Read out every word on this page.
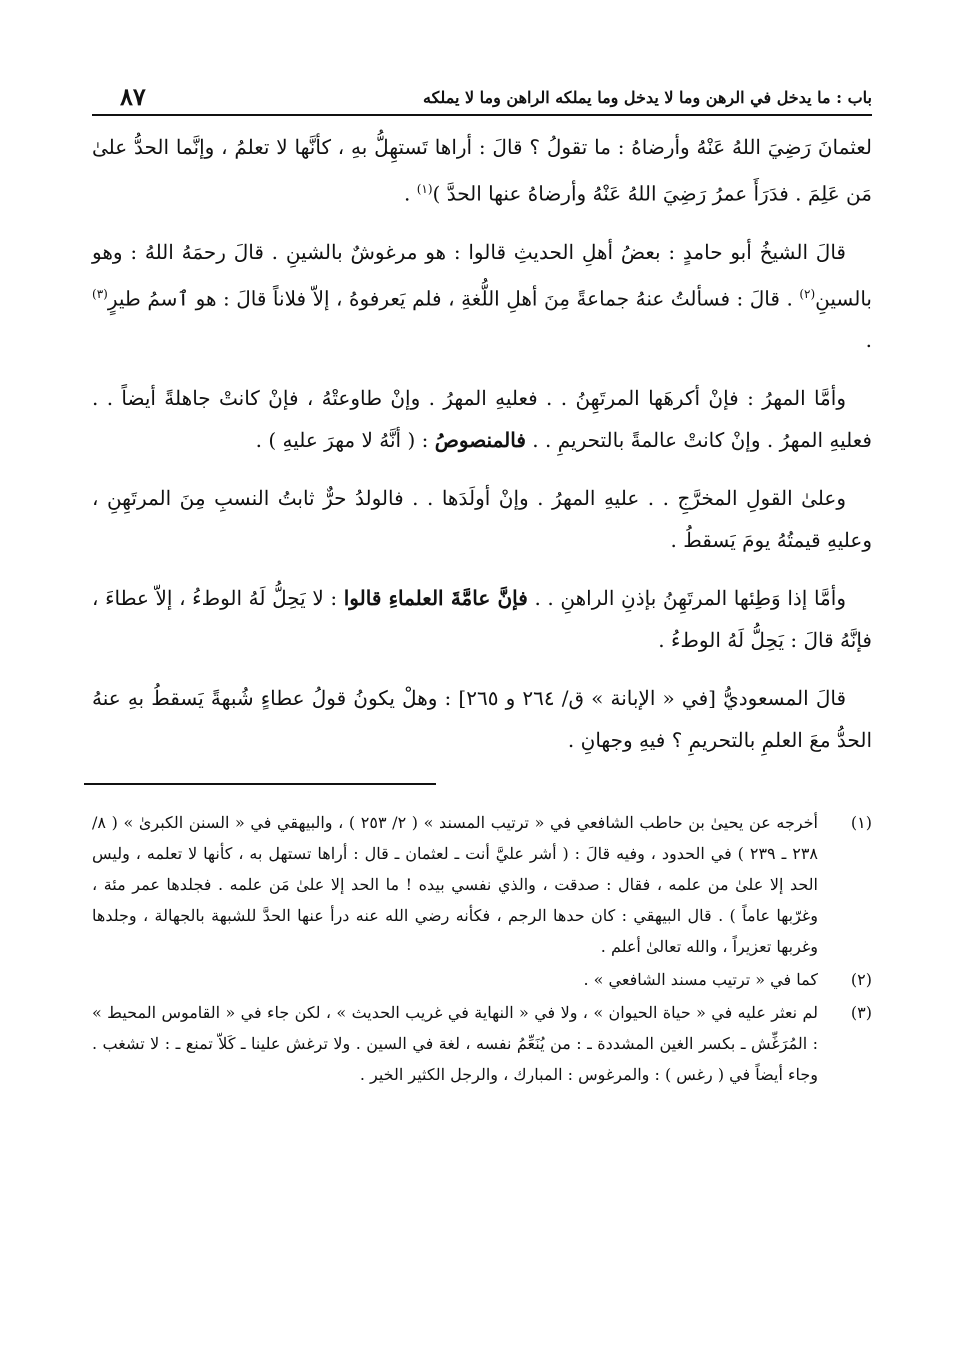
باب : ما يدخل في الرهن وما لا يدخل وما يملكه الراهن وما لا يملكه
٨٧

لعثمانَ رَضِيَ اللهُ عَنْهُ وأرضاهُ : ما تقولُ ؟ قالَ : أراها تَستهِلُّ بهِ ، كأنَّها لا تعلمُ ، وإنَّما الحدُّ علىٰ مَن عَلِمَ . فدَرَأَ عمرُ رَضِيَ اللهُ عَنْهُ وأرضاهُ عنها الحدَّ )$^{(١)}$ .

قالَ الشيخُ أبو حامدٍ : بعضُ أهلِ الحديثِ قالوا : هو مرغوشٌ بالشينِ . قالَ رحمَهُ اللهُ : وهو بالسينِ$^{(٢)}$ . قالَ : فسألتُ عنهُ جماعةً مِنَ أهلِ اللُّغةِ ، فلم يَعرفوهُ ، إلاّ فلاناً قالَ : هو ٱسمُ طيرٍ$^{(٣)}$ .

وأمَّا المهرُ : فإنْ أكرهَها المرتَهِنُ . . فعليهِ المهرُ . وإنْ طاوعتْهُ ، فإنْ كانتْ جاهلةً أيضاً . . فعليهِ المهرُ . وإنْ كانتْ عالمةً بالتحريمِ . . فالمنصوصُ : ( أنَّهُ لا مهرَ عليهِ ) .

وعلىٰ القولِ المخرَّجِ . . عليهِ المهرُ . وإنْ أولَدَها . . فالولدُ حرٌّ ثابتُ النسبِ مِنَ المرتَهِنِ ، وعليهِ قيمتُهُ يومَ يَسقطُ .

وأمَّا إذا وَطِئها المرتَهِنُ بإذنِ الراهنِ . . فإنَّ عامَّةَ العلماءِ قالوا : لا يَحِلُّ لَهُ الوطءُ ، إلاّ عطاءَ ، فإنَّهُ قالَ : يَحِلُّ لَهُ الوطءُ .

قالَ المسعوديُّ [في « الإبانة » ق/ ٢٦٤ و ٢٦٥] : وهلْ يكونُ قولُ عطاءٍ شُبهةً يَسقطُ بهِ عنهُ الحدُّ معَ العلمِ بالتحريمِ ؟ فيهِ وجهانِ .

(١)
أخرجه عن يحيىٰ بن حاطب الشافعي في « ترتيب المسند » ( ٢/ ٢٥٣ ) ، والبيهقي في « السنن الكبرىٰ » ( ٨/ ٢٣٨ ـ ٢٣٩ ) في الحدود ، وفيه قالَ : ( أشر عليَّ أنت ـ لعثمان ـ قال : أراها تستهل به ، كأنها لا تعلمه ، وليس الحد إلا علىٰ من علمه ، فقال : صدقت ، والذي نفسي بيده ! ما الحد إلا علىٰ مَن علمه . فجلدها عمر مئة ، وغرّبها عاماً ) . قال البيهقي : كان حدها الرجم ، فكأنه رضي الله عنه درأ عنها الحدَّ للشبهة بالجهالة ، وجلدها وغربها تعزيراً ، والله تعالىٰ أعلم .
(٢)
كما في « ترتيب مسند الشافعي » .
(٣)
لم نعثر عليه في « حياة الحيوان » ، ولا في « النهاية في غريب الحديث » ، لكن جاء في « القاموس المحيط » : المُرَغِّش ـ بكسر الغين المشددة ـ : من يُنَعِّمُ نفسه ، لغة في السين . ولا ترغش علينا ـ كَلاّ تمنع ـ : لا تشغب . وجاء أيضاً في ( رغس ) : والمرغوس : المبارك ، والرجل الكثير الخير .
